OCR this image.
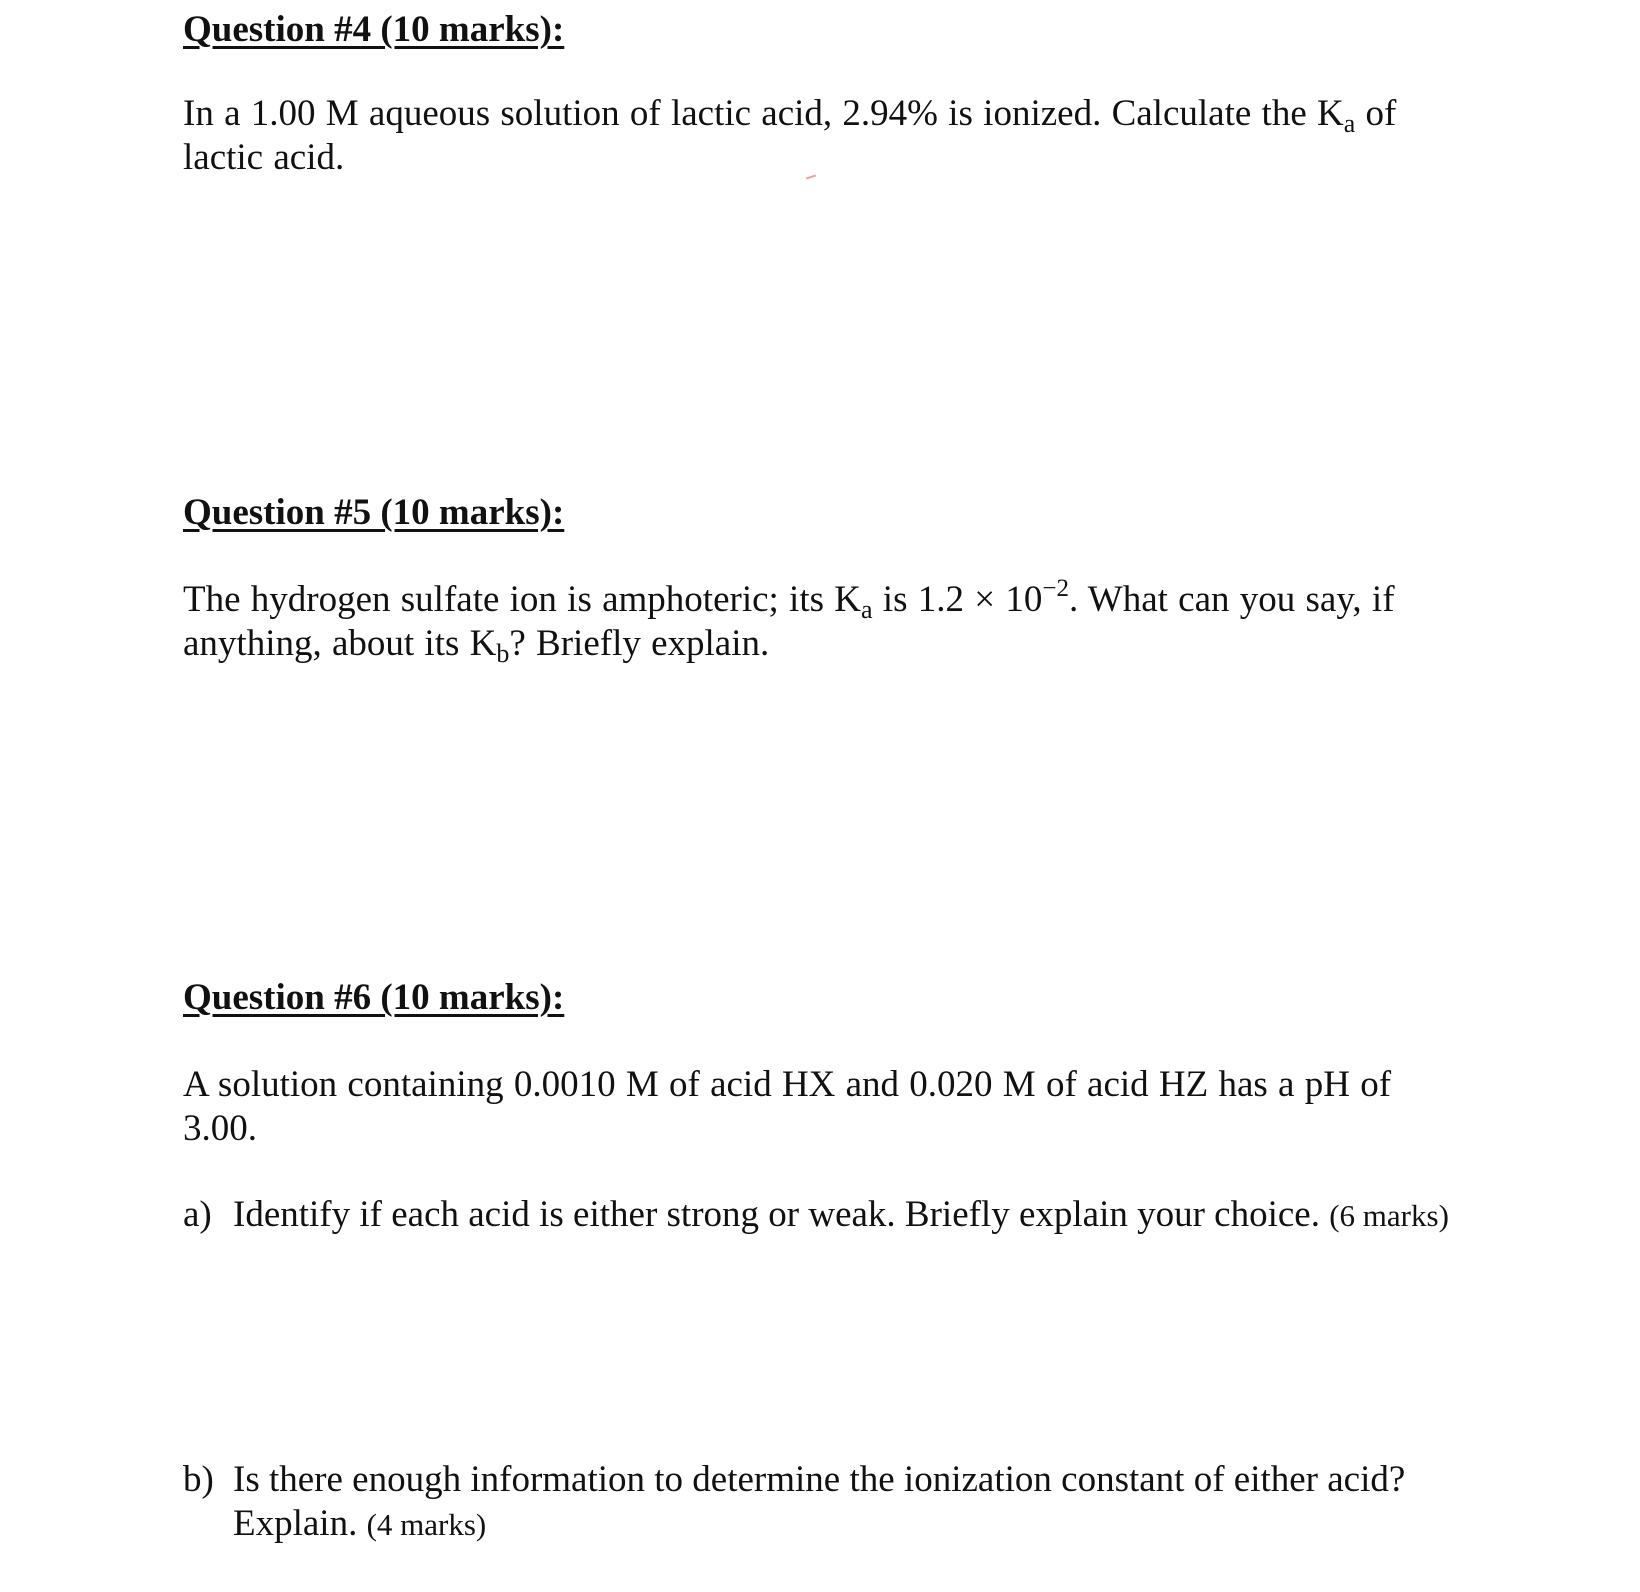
Question #4 (10 marks):

In a 1.00 M aqueous solution of lactic acid, 2.94% is ionized. Calculate the $K_a$ of lactic acid.

Question #5 (10 marks):

The hydrogen sulfate ion is amphoteric; its $K_a$ is $1.2 \times 10^{-2}$. What can you say, if anything, about its $K_b$? Briefly explain.

Question #6 (10 marks):

A solution containing 0.0010 M of acid HX and 0.020 M of acid HZ has a pH of 3.00.

a) Identify if each acid is either strong or weak. Briefly explain your choice. (6 marks)
b) Is there enough information to determine the ionization constant of either acid? Explain. (4 marks)
